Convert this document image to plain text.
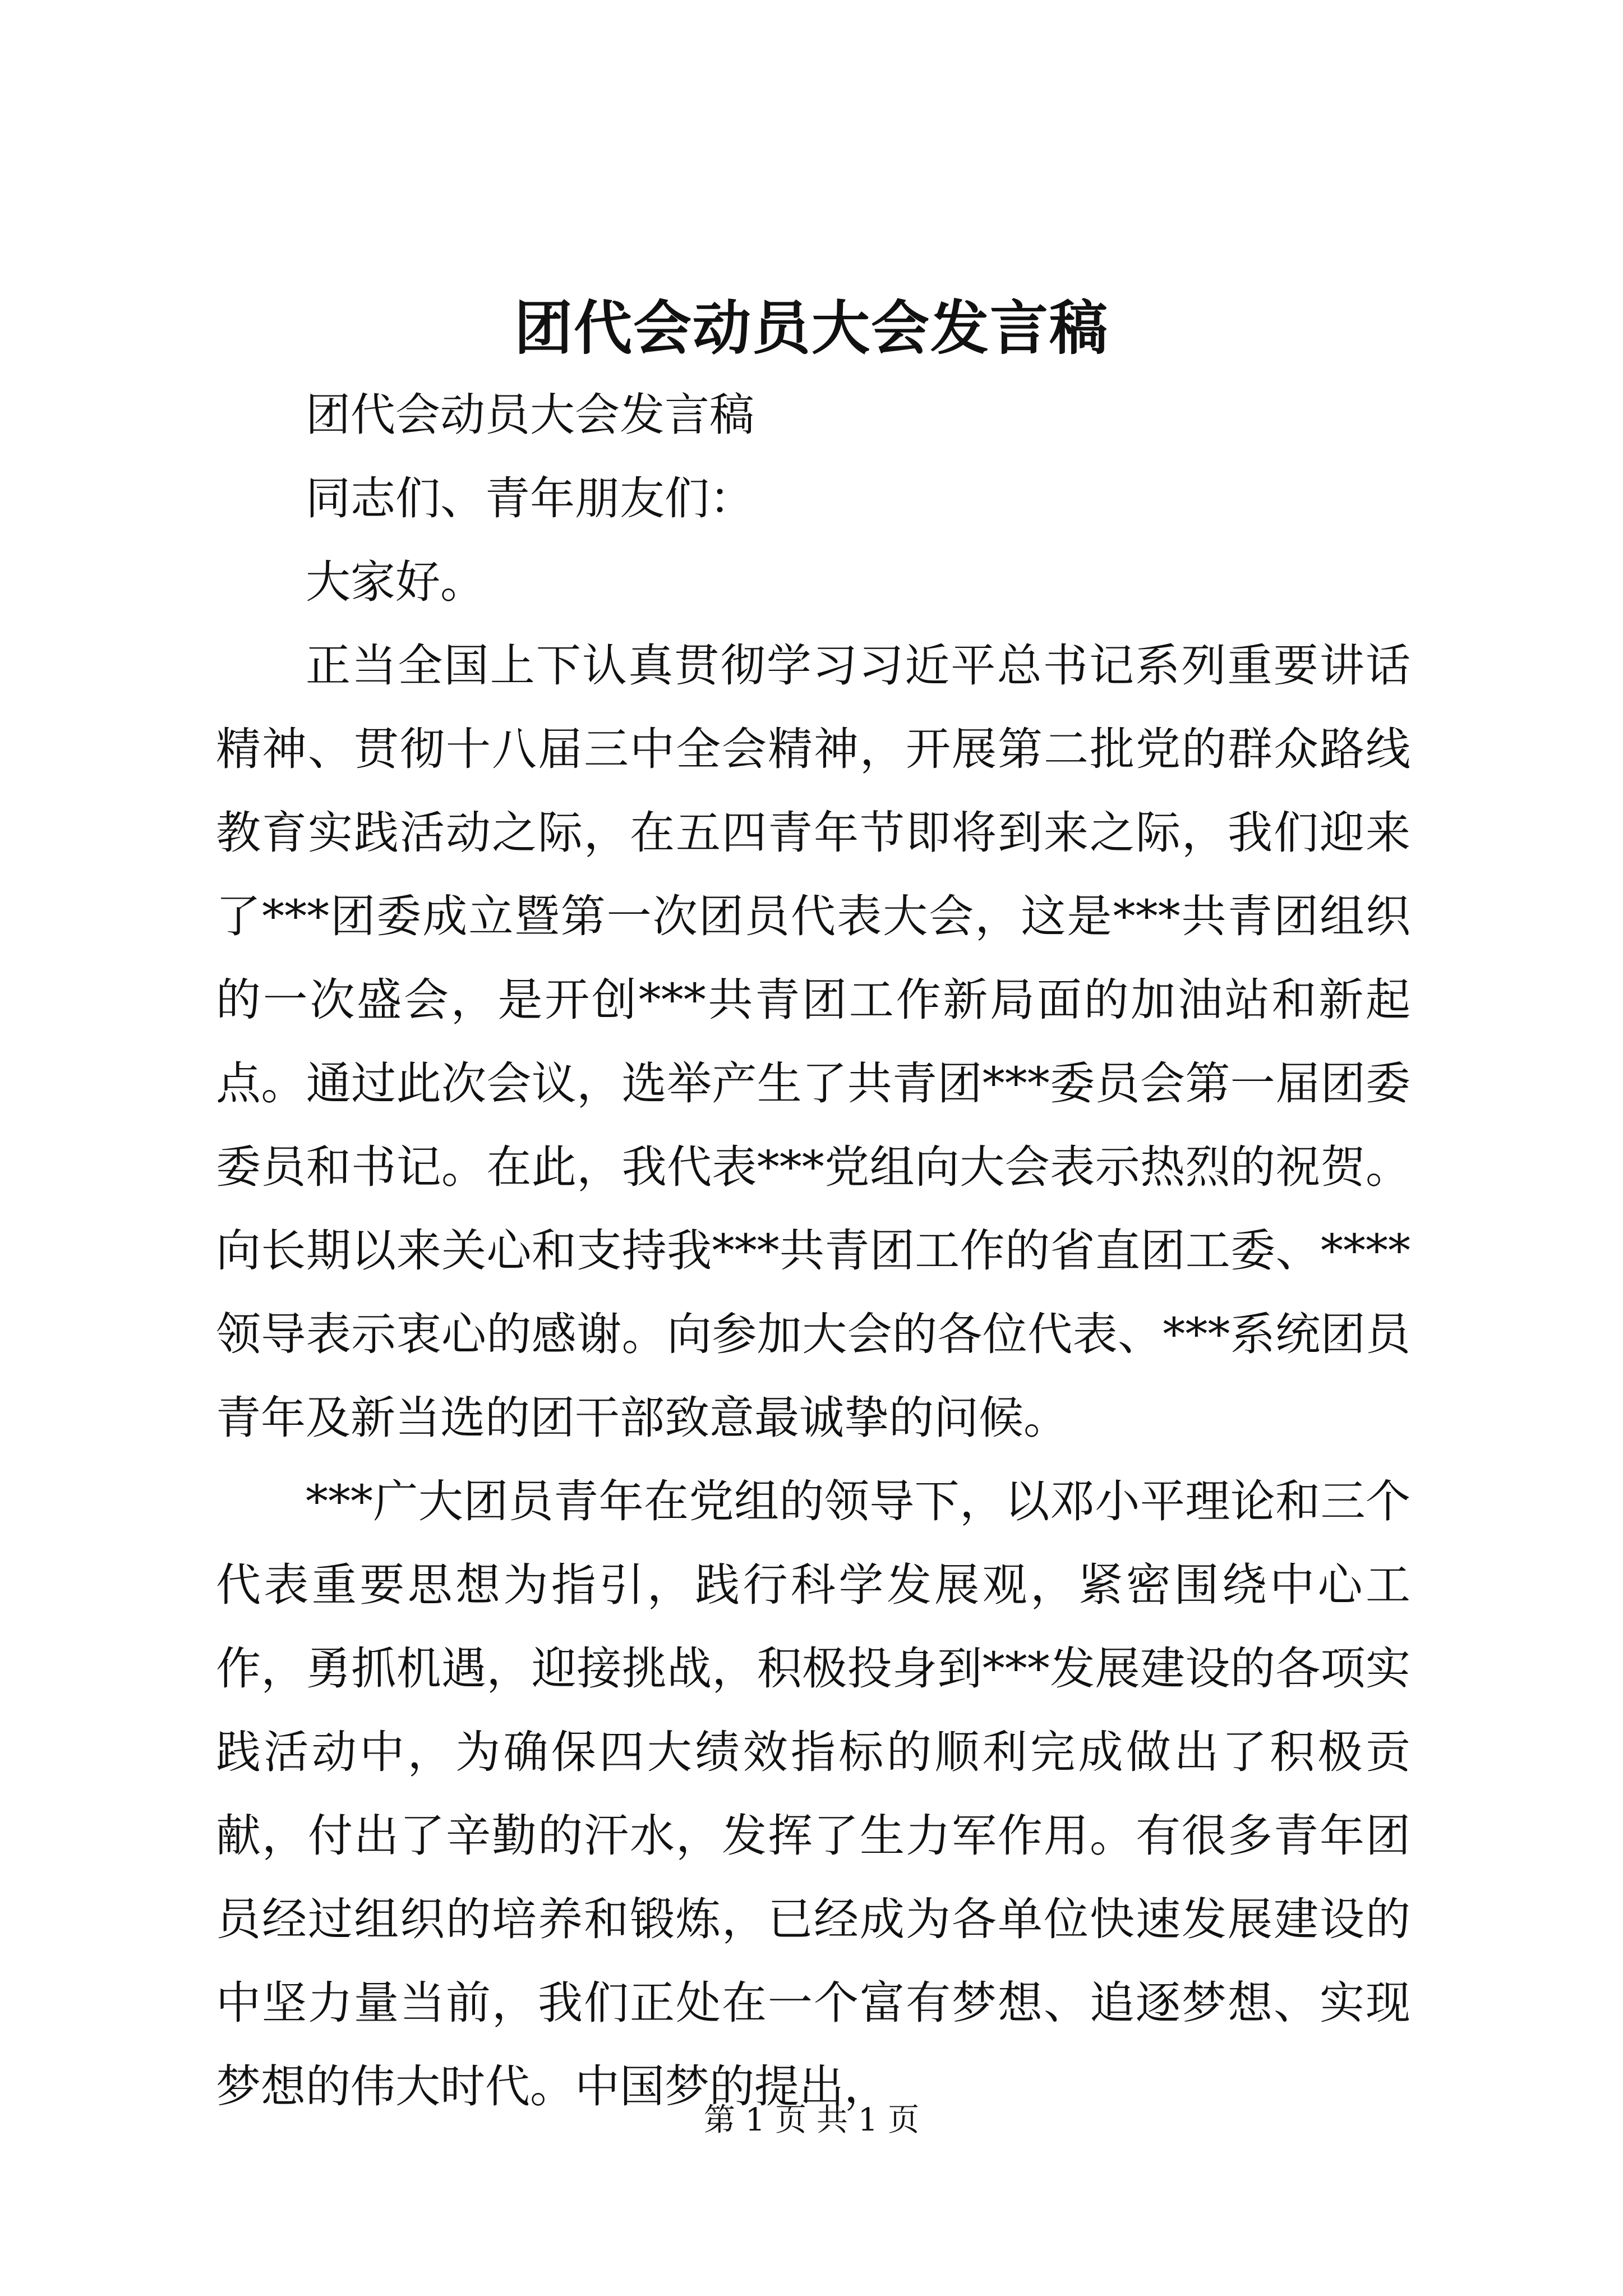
团代会动员大会发言稿

团代会动员大会发言稿

同志们、青年朋友们：

大家好。

正当全国上下认真贯彻学习习近平总书记系列重要讲话精神、贯彻十八届三中全会精神，开展第二批党的群众路线教育实践活动之际，在五四青年节即将到来之际，我们迎来了***团委成立暨第一次团员代表大会，这是***共青团组织的一次盛会，是开创***共青团工作新局面的加油站和新起点。通过此次会议，选举产生了共青团***委员会第一届团委委员和书记。在此，我代表***党组向大会表示热烈的祝贺。向长期以来关心和支持我***共青团工作的省直团工委、****领导表示衷心的感谢。向参加大会的各位代表、***系统团员青年及新当选的团干部致意最诚挚的问候。

***广大团员青年在党组的领导下，以邓小平理论和三个代表重要思想为指引，践行科学发展观，紧密围绕中心工作，勇抓机遇，迎接挑战，积极投身到***发展建设的各项实践活动中，为确保四大绩效指标的顺利完成做出了积极贡献，付出了辛勤的汗水，发挥了生力军作用。有很多青年团员经过组织的培养和锻炼，已经成为各单位快速发展建设的中坚力量当前，我们正处在一个富有梦想、追逐梦想、实现梦想的伟大时代。中国梦的提出，

第 1 页 共 1 页
